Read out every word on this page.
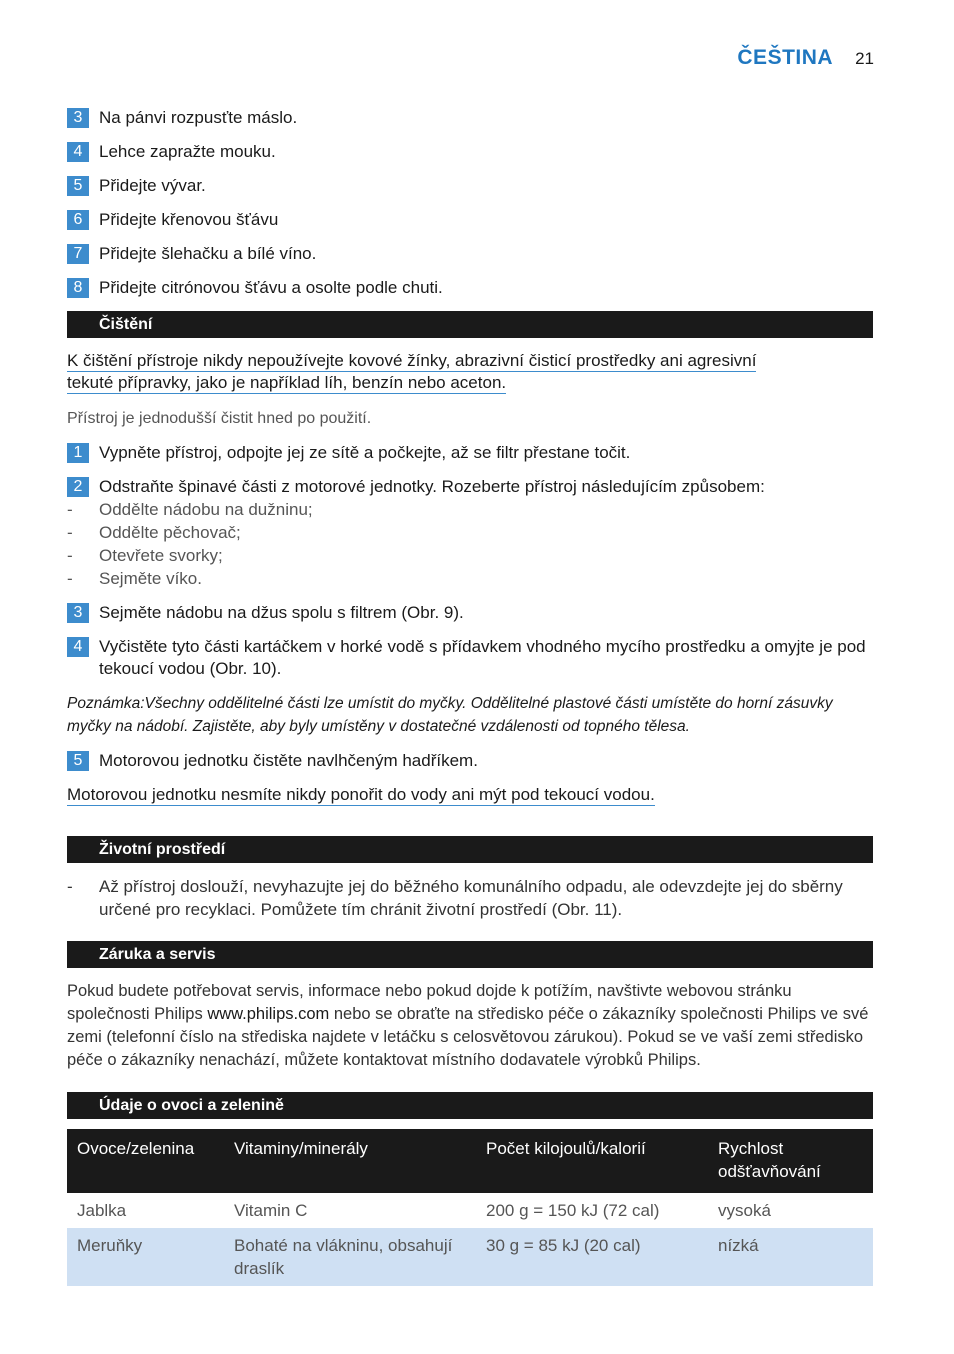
ČEŠTINA 21
3 Na pánvi rozpusťte máslo.
4 Lehce zapražte mouku.
5 Přidejte vývar.
6 Přidejte křenovou šťávu
7 Přidejte šlehačku a bílé víno.
8 Přidejte citrónovou šťávu a osolte podle chuti.
Čištění
K čištění přístroje nikdy nepoužívejte kovové žínky, abrazivní čisticí prostředky ani agresivní
tekuté přípravky, jako je například líh, benzín nebo aceton.
Přístroj je jednodušší čistit hned po použití.
1 Vypněte přístroj, odpojte jej ze sítě a počkejte, až se filtr přestane točit.
2 Odstraňte špinavé části z motorové jednotky. Rozeberte přístroj následujícím způsobem:
-	Oddělte nádobu na dužninu;
-	Oddělte pěchovač;
-	Otevřete svorky;
-	Sejměte víko.
3 Sejměte nádobu na džus spolu s filtrem (Obr. 9).
4 Vyčistěte tyto části kartáčkem v horké vodě s přídavkem vhodného mycího prostředku a omyjte je pod tekoucí vodou (Obr. 10).
Poznámka:Všechny oddělitelné části lze umístit do myčky. Oddělitelné plastové části umístěte do horní zásuvky myčky na nádobí. Zajistěte, aby byly umístěny v dostatečné vzdálenosti od topného tělesa.
5 Motorovou jednotku čistěte navlhčeným hadříkem.
Motorovou jednotku nesmíte nikdy ponořit do vody ani mýt pod tekoucí vodou.
Životní prostředí
-	Až přístroj doslouží, nevyhazujte jej do běžného komunálního odpadu, ale odevzdejte jej do sběrny určené pro recyklaci. Pomůžete tím chránit životní prostředí (Obr. 11).
Záruka a servis
Pokud budete potřebovat servis, informace nebo pokud dojde k potížím, navštivte webovou stránku společnosti Philips www.philips.com nebo se obraťte na středisko péče o zákazníky společnosti Philips ve své zemi (telefonní číslo na střediska najdete v letáčku s celosvětovou zárukou). Pokud se ve vaší zemi středisko péče o zákazníky nenachází, můžete kontaktovat místního dodavatele výrobků Philips.
Údaje o ovoci a zelenině
Ovoce/zelenina	Vitaminy/minerály	Počet kilojoulů/kalorií	Rychlost odšťavňování
Jablka	Vitamin C	200 g = 150 kJ (72 cal)	vysoká
Meruňky	Bohaté na vlákninu, obsahují draslík	30 g = 85 kJ (20 cal)	nízká
